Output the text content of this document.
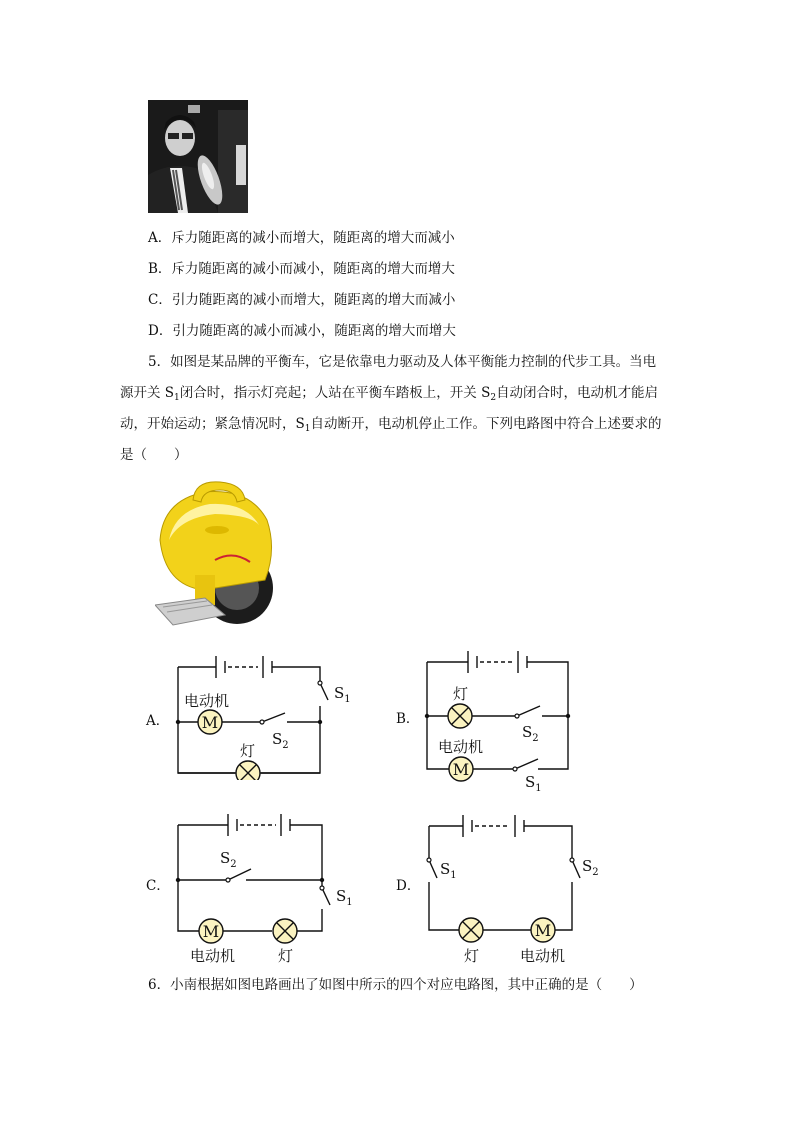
A．斥力随距离的减小而增大，随距离的增大而减小
B．斥力随距离的减小而减小，随距离的增大而增大
C．引力随距离的减小而增大，随距离的增大而减小
D．引力随距离的减小而减小，随距离的增大而增大
5．如图是某品牌的平衡车，它是依靠电力驱动及人体平衡能力控制的代步工具。当电
源开关 $S_1$闭合时，指示灯亮起；人站在平衡车踏板上，开关 $S_2$自动闭合时，电动机才能启
动，开始运动；紧急情况时，$S_1$自动断开，电动机停止工作。下列电路图中符合上述要求的
是（　　）
M
电动机
灯
$S_1$
$S_2$
A．
M
灯
电动机
$S_2$
$S_1$
B．
M
$S_2$
$S_1$
电动机	灯
C．
M
$S_1$
$S_2$
灯	电动机
D．
6．小南根据如图电路画出了如图中所示的四个对应电路图，其中正确的是（　　）
